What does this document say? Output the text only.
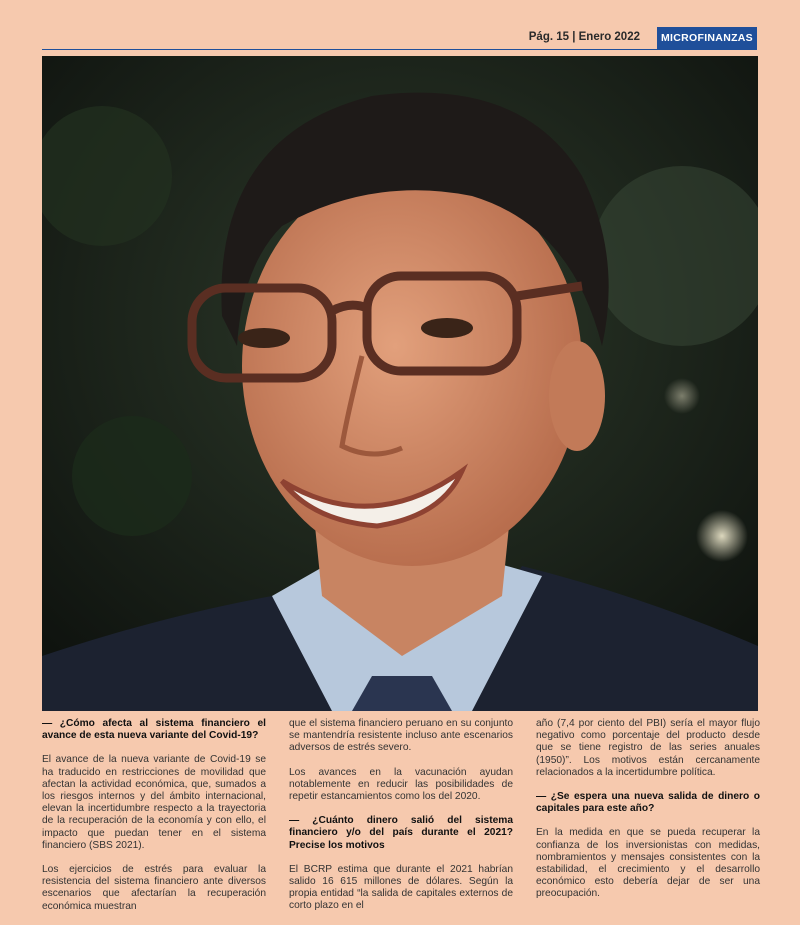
Pág. 15 | Enero 2022	MICROFINANZAS

— ¿Cómo afecta al sistema financiero el avance de esta nueva variante del Covid-19?

El avance de la nueva variante de Covid-19 se ha traducido en restricciones de movilidad que afectan la actividad económica, que, sumados a los riesgos internos y del ámbito internacional, elevan la incertidumbre respecto a la trayectoria de la recuperación de la economía y con ello, el impacto que puedan tener en el sistema financiero (SBS 2021).

Los ejercicios de estrés para evaluar la resistencia del sistema financiero ante diversos escenarios que afectarían la recuperación económica muestran

que el sistema financiero peruano en su conjunto se mantendría resistente incluso ante escenarios adversos de estrés severo.

Los avances en la vacunación ayudan notablemente en reducir las posibilidades de repetir estancamientos como los del 2020.

— ¿Cuánto dinero salió del sistema financiero y/o del país durante el 2021? Precise los motivos

El BCRP estima que durante el 2021 habrían salido 16 615 millones de dólares. Según la propia entidad “la salida de capitales externos de corto plazo en el

año (7,4 por ciento del PBI) sería el mayor flujo negativo como porcentaje del producto desde que se tiene registro de las series anuales (1950)”. Los motivos están cercanamente relacionados a la incertidumbre política.

— ¿Se espera una nueva salida de dinero o capitales para este año?

En la medida en que se pueda recuperar la confianza de los inversionistas con medidas, nombramientos y mensajes consistentes con la estabilidad, el crecimiento y el desarrollo económico esto debería dejar de ser una preocupación.
